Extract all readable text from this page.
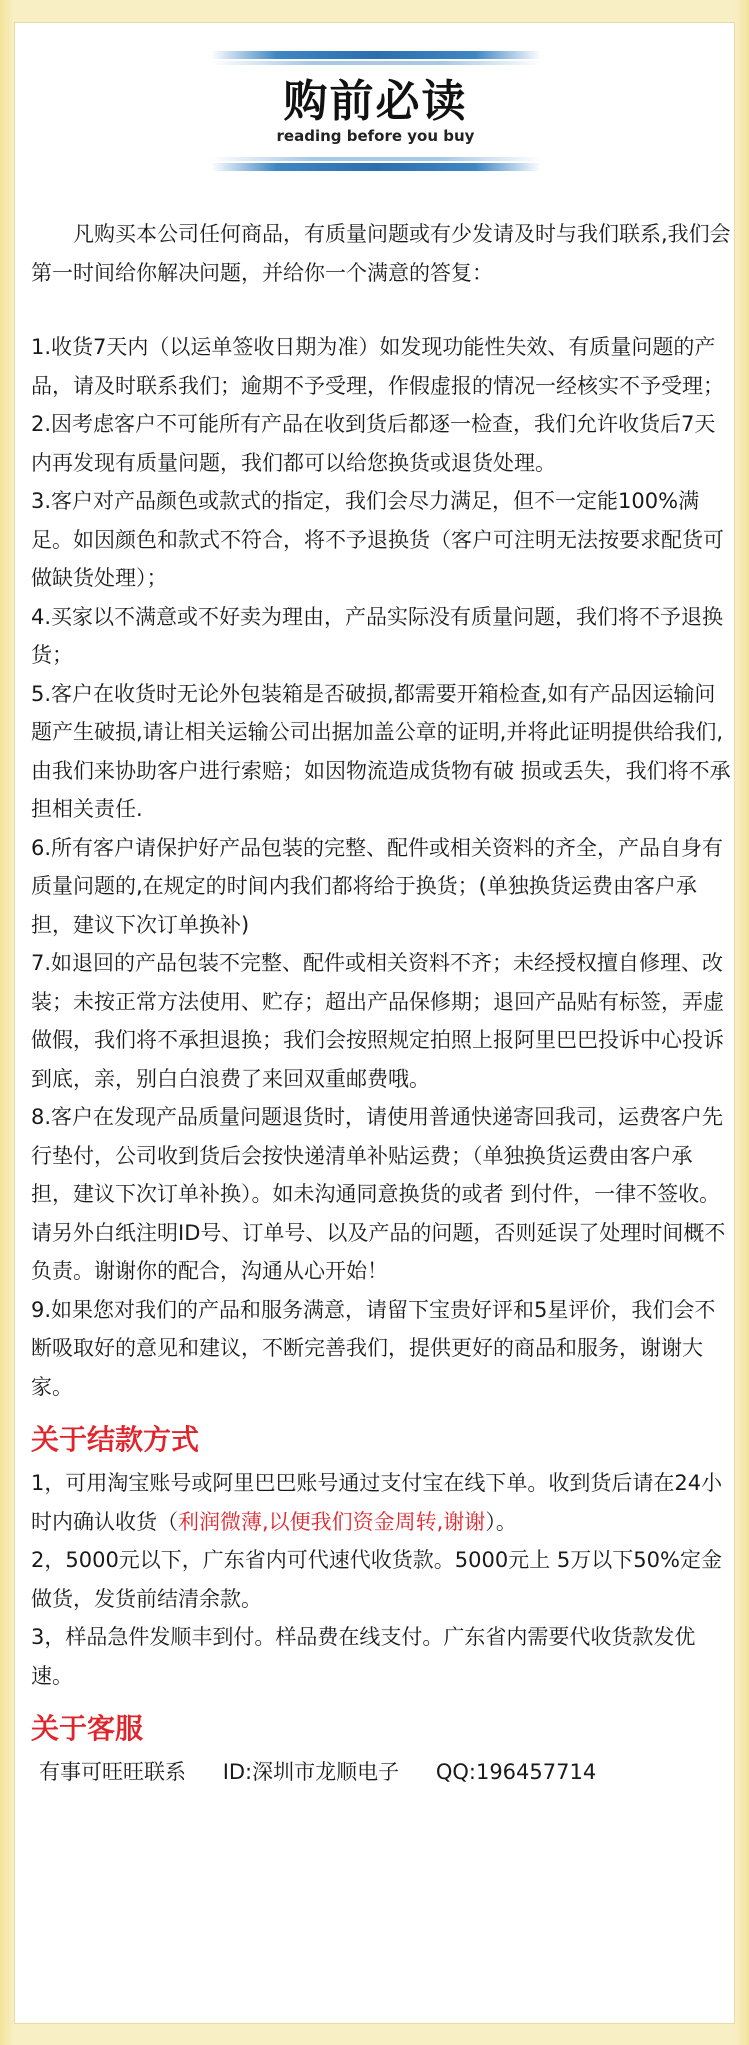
购前必读
reading before you buy

凡购买本公司任何商品，有质量问题或有少发请及时与我们联系,我们会第一时间给你解决问题，并给你一个满意的答复：

1.收货7天内（以运单签收日期为准）如发现功能性失效、有质量问题的产品，请及时联系我们；逾期不予受理，作假虚报的情况一经核实不予受理；

2.因考虑客户不可能所有产品在收到货后都逐一检查，我们允许收货后7天内再发现有质量问题，我们都可以给您换货或退货处理。

3.客户对产品颜色或款式的指定，我们会尽力满足，但不一定能100%满足。如因颜色和款式不符合，将不予退换货（客户可注明无法按要求配货可做缺货处理）；

4.买家以不满意或不好卖为理由，产品实际没有质量问题，我们将不予退换货；

5.客户在收货时无论外包装箱是否破损,都需要开箱检查,如有产品因运输问题产生破损,请让相关运输公司出据加盖公章的证明,并将此证明提供给我们,由我们来协助客户进行索赔；如因物流造成货物有破 损或丢失，我们将不承担相关责任.

6.所有客户请保护好产品包装的完整、配件或相关资料的齐全，产品自身有质量问题的,在规定的时间内我们都将给于换货；(单独换货运费由客户承担，建议下次订单换补)

7.如退回的产品包装不完整、配件或相关资料不齐；未经授权擅自修理、改装；未按正常方法使用、贮存；超出产品保修期；退回产品贴有标签，弄虚做假，我们将不承担退换；我们会按照规定拍照上报阿里巴巴投诉中心投诉到底，亲，别白白浪费了来回双重邮费哦。

8.客户在发现产品质量问题退货时，请使用普通快递寄回我司，运费客户先行垫付，公司收到货后会按快递清单补贴运费；（单独换货运费由客户承担，建议下次订单补换）。如未沟通同意换货的或者 到付件，一律不签收。请另外白纸注明ID号、订单号、以及产品的问题，否则延误了处理时间概不负责。谢谢你的配合，沟通从心开始！

9.如果您对我们的产品和服务满意，请留下宝贵好评和5星评价，我们会不断吸取好的意见和建议，不断完善我们，提供更好的商品和服务，谢谢大家。

关于结款方式

1，可用淘宝账号或阿里巴巴账号通过支付宝在线下单。收到货后请在24小时内确认收货（利润微薄,以便我们资金周转,谢谢）。

2，5000元以下，广东省内可代速代收货款。5000元上 5万以下50%定金做货，发货前结清余款。

3，样品急件发顺丰到付。样品费在线支付。广东省内需要代收货款发优速。

关于客服
有事可旺旺联系 ID:深圳市龙顺电子 QQ:196457714
